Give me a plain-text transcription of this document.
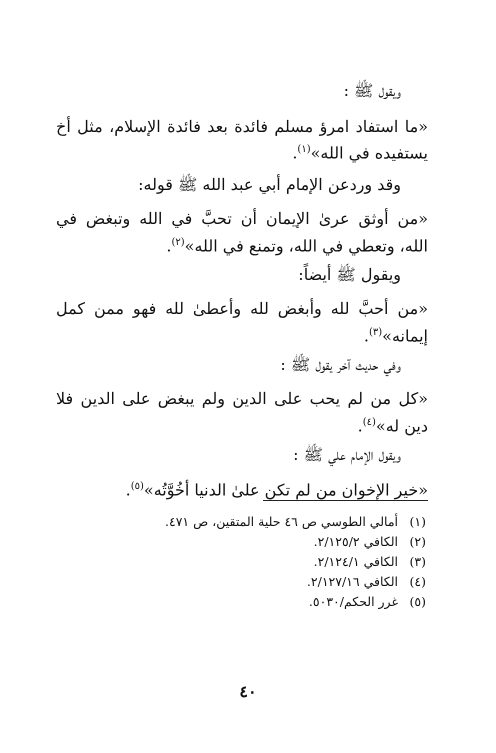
ويقول ﷺ :
«ما استفاد امرؤ مسلم فائدة بعد فائدة الإسلام، مثل أخ
يستفيده في الله»$^{(١)}$.
وقد وردعن الإمام أبي عبد الله ﷺ قوله:
«من أوثق عرىٰ الإيمان أن تحبَّ في الله وتبغض في
الله، وتعطي في الله، وتمنع في الله»$^{(٢)}$.
ويقول ﷺ أيضاً:
«من أحبَّ لله وأبغض لله وأعطىٰ لله فهو ممن كمل
إيمانه»$^{(٣)}$.
وفي حديث آخر يقول ﷺ :
«كل من لم يحب على الدين ولم يبغض على الدين فلا
دين له»$^{(٤)}$.
ويقول الإمام علي ﷺ :
«خير الإخوان من لم تكن علىٰ الدنيا أخُوَّتُه»$^{(٥)}$.
(١)أمالي الطوسي ص ٤٦ حلية المتقين، ص ٤٧١.
(٢)الكافي ٢/١٢٥/٢.
(٣)الكافي ٢/١٢٤/١.
(٤)الكافي ٢/١٢٧/١٦.
(٥)غرر الحكم/٥٠٣٠.
٤٠
